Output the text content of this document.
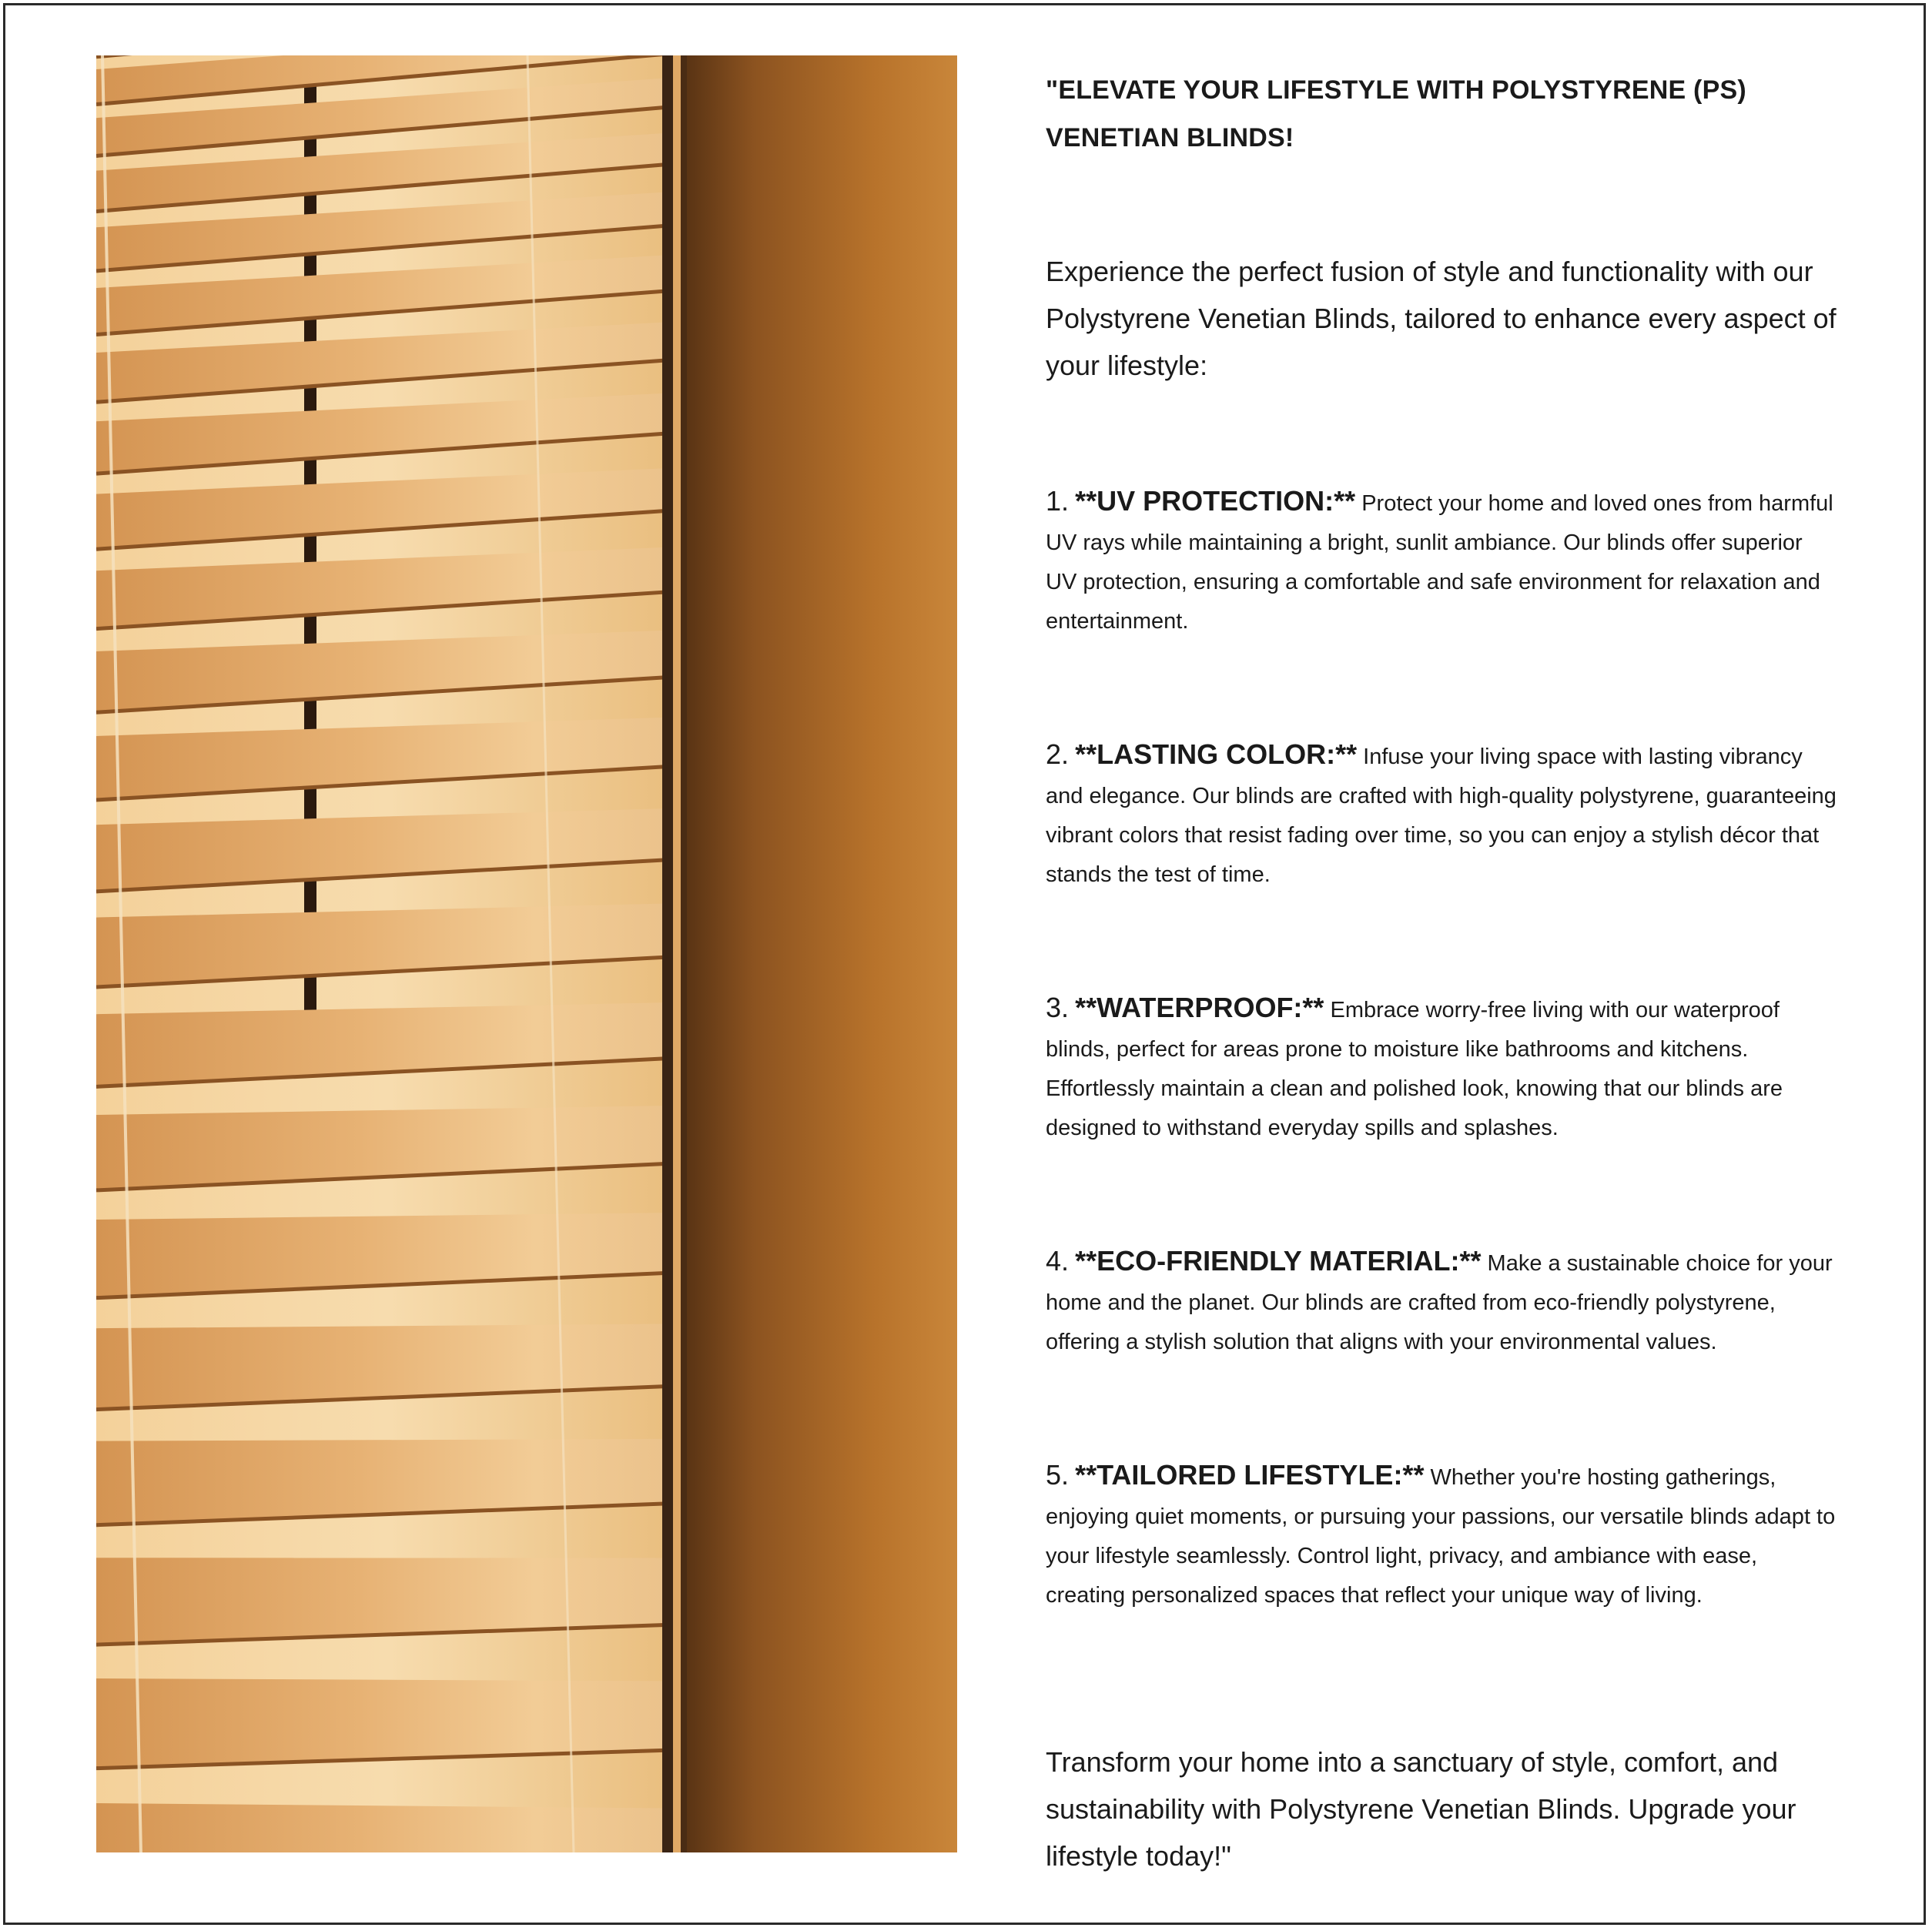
"ELEVATE YOUR LIFESTYLE WITH POLYSTYRENE (PS) VENETIAN BLINDS!

Experience the perfect fusion of style and functionality with our Polystyrene Venetian Blinds, tailored to enhance every aspect of your lifestyle:

1. **UV PROTECTION:** Protect your home and loved ones from harmful UV rays while maintaining a bright, sunlit ambiance. Our blinds offer superior UV protection, ensuring a comfortable and safe environment for relaxation and entertainment.

2. **LASTING COLOR:** Infuse your living space with lasting vibrancy and elegance. Our blinds are crafted with high-quality polystyrene, guaranteeing vibrant colors that resist fading over time, so you can enjoy a stylish décor that stands the test of time.

3. **WATERPROOF:** Embrace worry-free living with our waterproof blinds, perfect for areas prone to moisture like bathrooms and kitchens. Effortlessly maintain a clean and polished look, knowing that our blinds are designed to withstand everyday spills and splashes.

4. **ECO-FRIENDLY MATERIAL:** Make a sustainable choice for your home and the planet. Our blinds are crafted from eco-friendly polystyrene, offering a stylish solution that aligns with your environmental values.

5. **TAILORED LIFESTYLE:** Whether you're hosting gatherings, enjoying quiet moments, or pursuing your passions, our versatile blinds adapt to your lifestyle seamlessly. Control light, privacy, and ambiance with ease, creating personalized spaces that reflect your unique way of living.

Transform your home into a sanctuary of style, comfort, and sustainability with Polystyrene Venetian Blinds. Upgrade your lifestyle today!"
